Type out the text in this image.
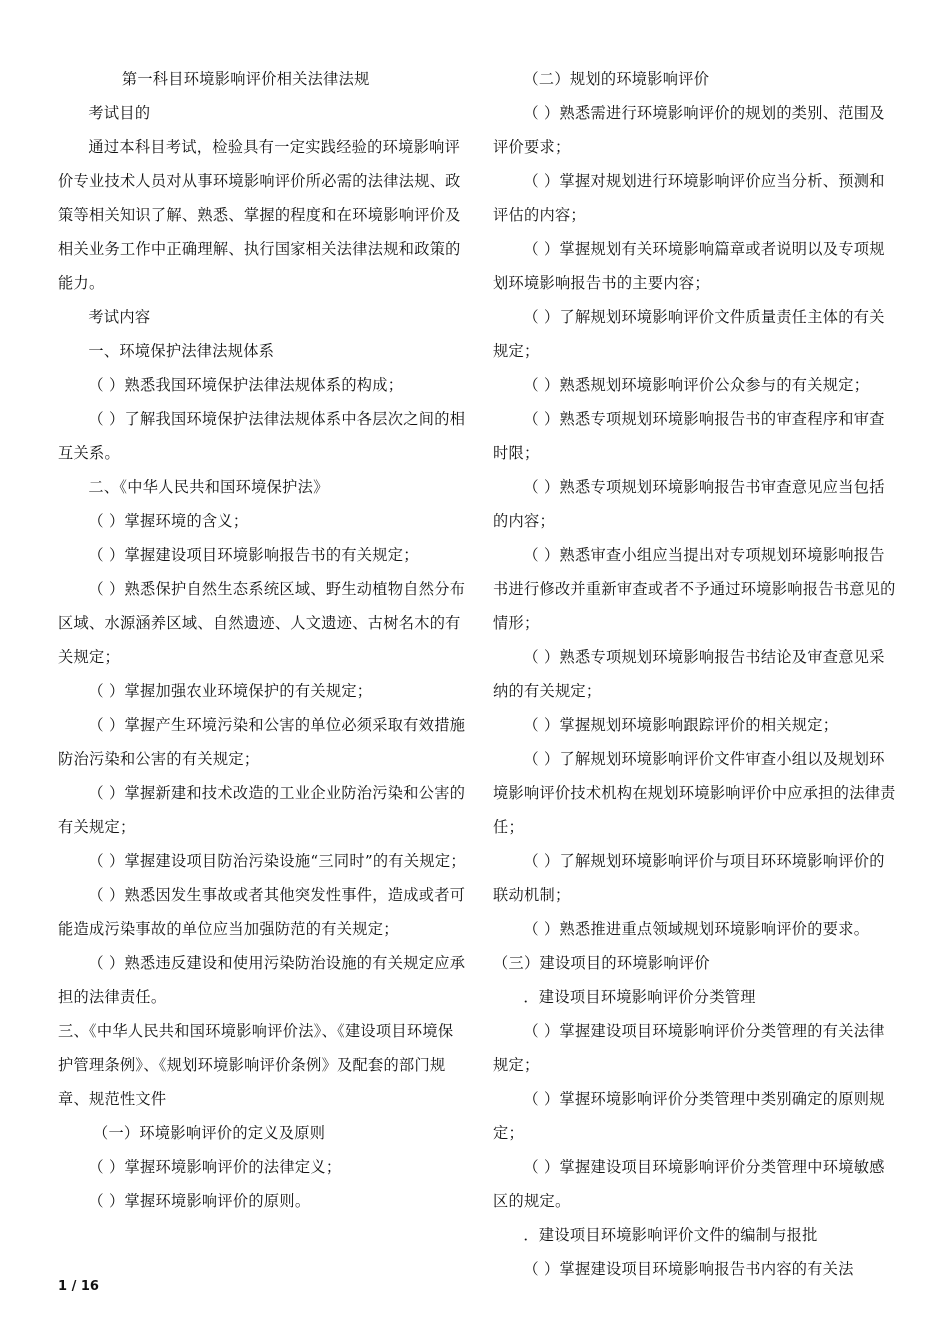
第一科目环境影响评价相关法律法规

考试目的

通过本科目考试，检验具有一定实践经验的环境影响评价专业技术人员对从事环境影响评价所必需的法律法规、政策等相关知识了解、熟悉、掌握的程度和在环境影响评价及相关业务工作中正确理解、执行国家相关法律法规和政策的能力。

考试内容

一、环境保护法律法规体系

（ ）熟悉我国环境保护法律法规体系的构成；

（ ）了解我国环境保护法律法规体系中各层次之间的相互关系。

二、《中华人民共和国环境保护法》

（ ）掌握环境的含义；

（ ）掌握建设项目环境影响报告书的有关规定；

（ ）熟悉保护自然生态系统区域、野生动植物自然分布区域、水源涵养区域、自然遗迹、人文遗迹、古树名木的有关规定；

（ ）掌握加强农业环境保护的有关规定；

（ ）掌握产生环境污染和公害的单位必须采取有效措施防治污染和公害的有关规定；

（ ）掌握新建和技术改造的工业企业防治污染和公害的有关规定；

（ ）掌握建设项目防治污染设施“三同时”的有关规定；

（ ）熟悉因发生事故或者其他突发性事件，造成或者可能造成污染事故的单位应当加强防范的有关规定；

（ ）熟悉违反建设和使用污染防治设施的有关规定应承担的法律责任。

三、《中华人民共和国环境影响评价法》、《建设项目环境保护管理条例》、《规划环境影响评价条例》及配套的部门规章、规范性文件

（一）环境影响评价的定义及原则

（ ）掌握环境影响评价的法律定义；

（ ）掌握环境影响评价的原则。

（二）规划的环境影响评价

（ ）熟悉需进行环境影响评价的规划的类别、范围及评价要求；

（ ）掌握对规划进行环境影响评价应当分析、预测和评估的内容；

（ ）掌握规划有关环境影响篇章或者说明以及专项规划环境影响报告书的主要内容；

（ ）了解规划环境影响评价文件质量责任主体的有关规定；

（ ）熟悉规划环境影响评价公众参与的有关规定；

（ ）熟悉专项规划环境影响报告书的审查程序和审查时限；

（ ）熟悉专项规划环境影响报告书审查意见应当包括的内容；

（ ）熟悉审查小组应当提出对专项规划环境影响报告书进行修改并重新审查或者不予通过环境影响报告书意见的情形；

（ ）熟悉专项规划环境影响报告书结论及审查意见采纳的有关规定；

（ ）掌握规划环境影响跟踪评价的相关规定；

（ ）了解规划环境影响评价文件审查小组以及规划环境影响评价技术机构在规划环境影响评价中应承担的法律责任；

（ ）了解规划环境影响评价与项目环环境影响评价的联动机制；

（ ）熟悉推进重点领域规划环境影响评价的要求。

（三）建设项目的环境影响评价

．建设项目环境影响评价分类管理

（ ）掌握建设项目环境影响评价分类管理的有关法律规定；

（ ）掌握环境影响评价分类管理中类别确定的原则规定；

（ ）掌握建设项目环境影响评价分类管理中环境敏感区的规定。

．建设项目环境影响评价文件的编制与报批

（ ）掌握建设项目环境影响报告书内容的有关法

1 / 16
